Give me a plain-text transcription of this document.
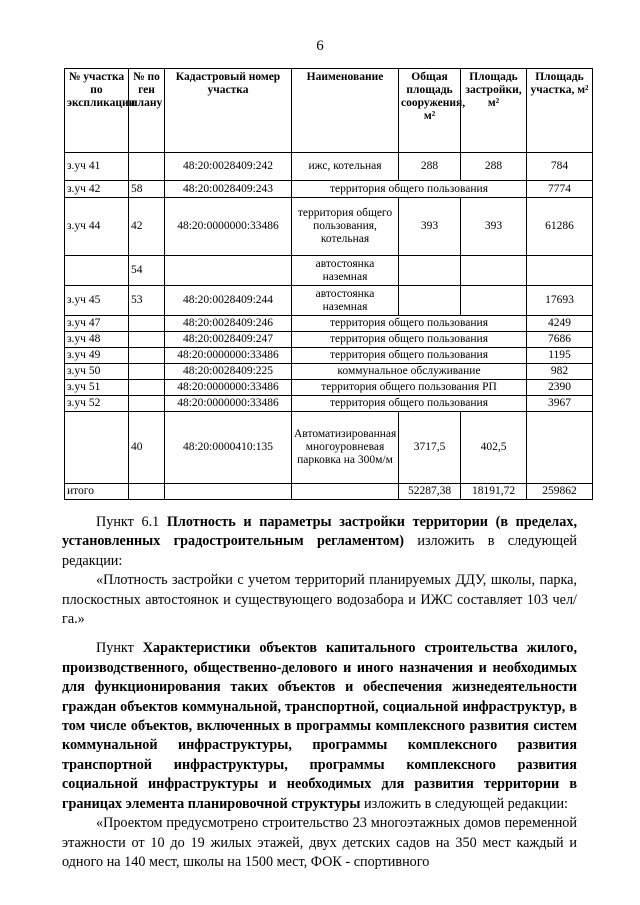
6
№ участка по экспликации	№ по ген плану	Кадастровый номер участка	Наименование	Общая площадь сооружения, м²	Площадь застройки, м²	Площадь участка, м²
з.уч 41		48:20:0028409:242	ижс, котельная	288	288	784
з.уч 42	58	48:20:0028409:243	территория общего пользования			7774
з.уч 44	42	48:20:0000000:33486	территория общего пользования, котельная	393	393	61286
	54		автостоянка наземная			
з.уч 45	53	48:20:0028409:244	автостоянка наземная			17693
з.уч 47		48:20:0028409:246	территория общего пользования			4249
з.уч 48		48:20:0028409:247	территория общего пользования			7686
з.уч 49		48:20:0000000:33486	территория общего пользования			1195
з.уч 50		48:20:0028409:225	коммунальное обслуживание			982
з.уч 51		48:20:0000000:33486	территория общего пользования РП			2390
з.уч 52		48:20:0000000:33486	территория общего пользования			3967
	40	48:20:0000410:135	Автоматизированная многоуровневая парковка на 300м/м	3717,5	402,5	
итого				52287,38	18191,72	259862

Пункт 6.1 Плотность и параметры застройки территории (в пределах, установленных градостроительным регламентом) изложить в следующей редакции:

«Плотность застройки с учетом территорий планируемых ДДУ, школы, парка, плоскостных автостоянок и существующего водозабора и ИЖС составляет 103 чел/га.»

Пункт Характеристики объектов капитального строительства жилого, производственного, общественно-делового и иного назначения и необходимых для функционирования таких объектов и обеспечения жизнедеятельности граждан объектов коммунальной, транспортной, социальной инфраструктур, в том числе объектов, включенных в программы комплексного развития систем коммунальной инфраструктуры, программы комплексного развития транспортной инфраструктуры, программы комплексного развития социальной инфраструктуры и необходимых для развития территории в границах элемента планировочной структуры изложить в следующей редакции:

«Проектом предусмотрено строительство 23 многоэтажных домов переменной этажности от 10 до 19 жилых этажей, двух детских садов на 350 мест каждый и одного на 140 мест, школы на 1500 мест, ФОК - спортивного
